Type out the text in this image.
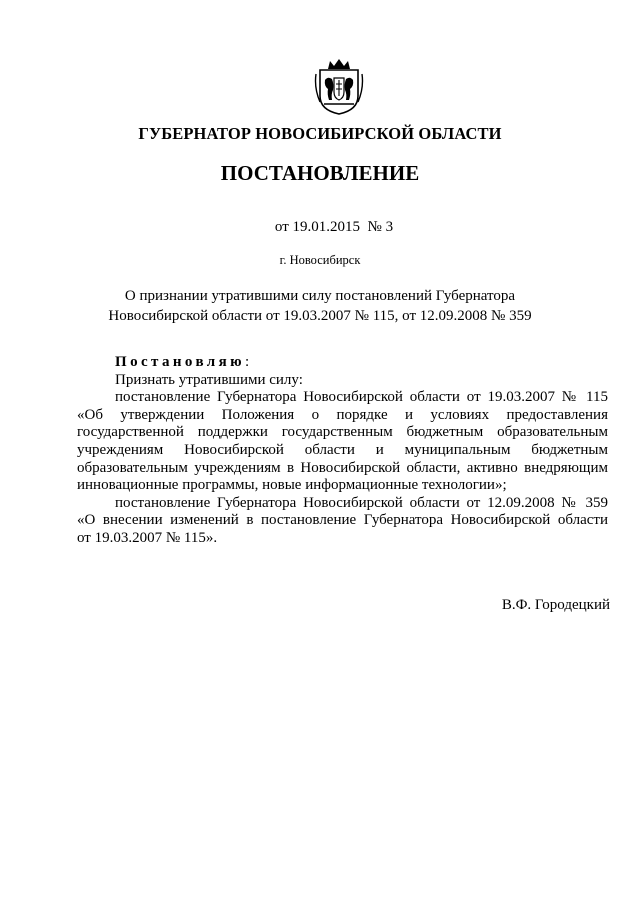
ГУБЕРНАТОР НОВОСИБИРСКОЙ ОБЛАСТИ
ПОСТАНОВЛЕНИЕ
от 19.01.2015  № 3
г. Новосибирск
О признании утратившими силу постановлений Губернатора
Новосибирской области от 19.03.2007 № 115, от 12.09.2008 № 359

Постановляю:

Признать утратившими силу:

постановление Губернатора Новосибирской области от 19.03.2007 № 115

«Об утверждении Положения о порядке и условиях предоставления

государственной поддержки государственным бюджетным образовательным

учреждениям Новосибирской области и муниципальным бюджетным

образовательным учреждениям в Новосибирской области, активно внедряющим

инновационные программы, новые информационные технологии»;

постановление Губернатора Новосибирской области от 12.09.2008 № 359

«О внесении изменений в постановление Губернатора Новосибирской области

от 19.03.2007 № 115».

В.Ф. Городецкий
